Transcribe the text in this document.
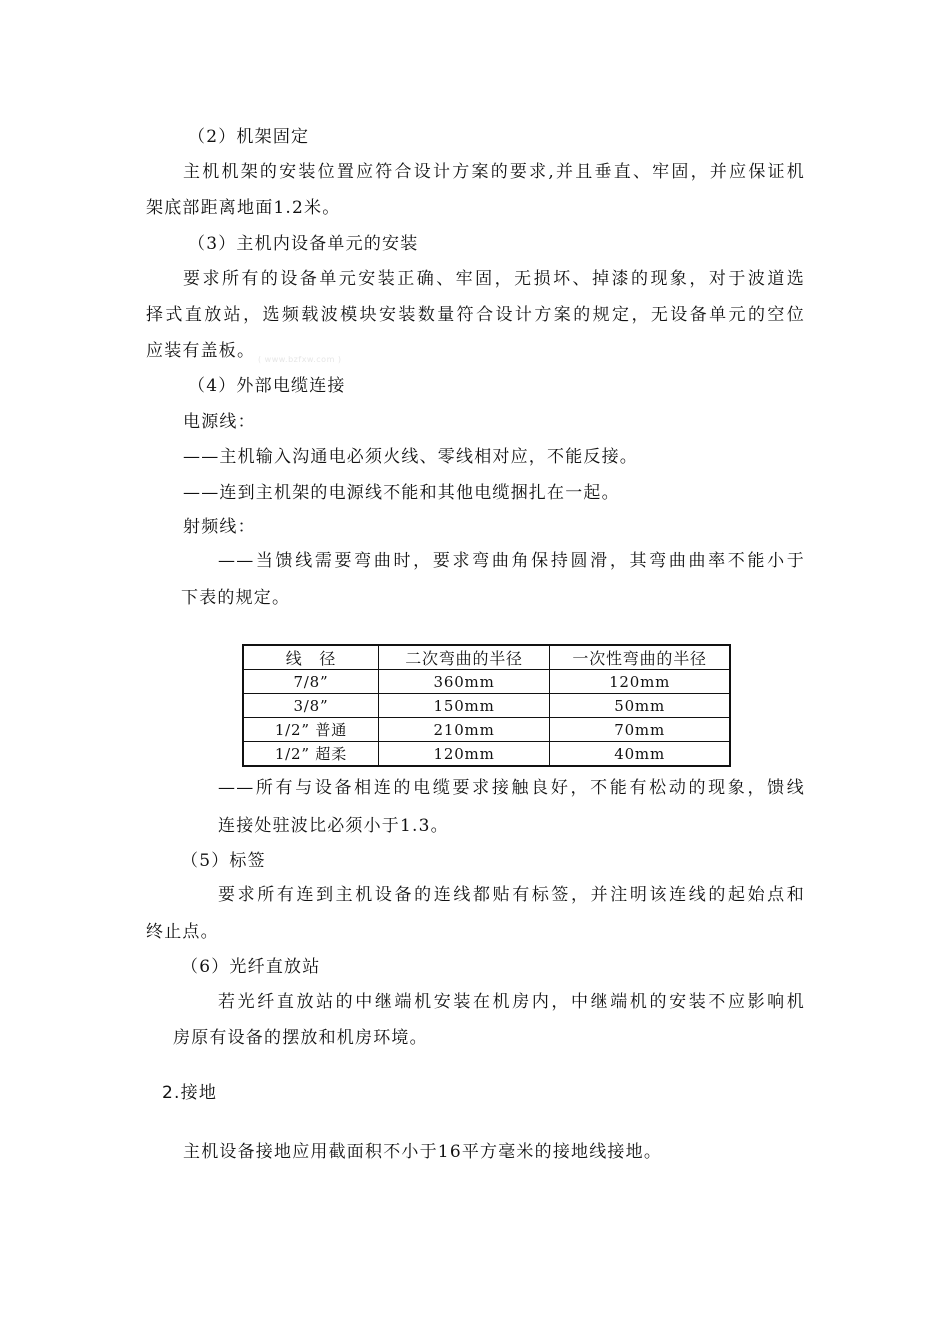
（2）机架固定
主机机架的安装位置应符合设计方案的要求,并且垂直、牢固，并应保证机
架底部距离地面1.2米。
（3）主机内设备单元的安装
要求所有的设备单元安装正确、牢固，无损坏、掉漆的现象，对于波道选
择式直放站，选频载波模块安装数量符合设计方案的规定，无设备单元的空位
应装有盖板。 ( www.bzfxw.com )
（4）外部电缆连接
电源线：
——主机输入沟通电必须火线、零线相对应，不能反接。
——连到主机架的电源线不能和其他电缆捆扎在一起。
射频线：
——当馈线需要弯曲时，要求弯曲角保持圆滑，其弯曲曲率不能小于
下表的规定。
线　径	二次弯曲的半径	一次性弯曲的半径
7/8”	360mm	120mm
3/8”	150mm	50mm
1/2” 普通	210mm	70mm
1/2” 超柔	120mm	40mm
——所有与设备相连的电缆要求接触良好，不能有松动的现象，馈线
连接处驻波比必须小于1.3。
（5）标签
要求所有连到主机设备的连线都贴有标签，并注明该连线的起始点和
终止点。
（6）光纤直放站
若光纤直放站的中继端机安装在机房内，中继端机的安装不应影响机
房原有设备的摆放和机房环境。
2.接地
主机设备接地应用截面积不小于16平方毫米的接地线接地。
